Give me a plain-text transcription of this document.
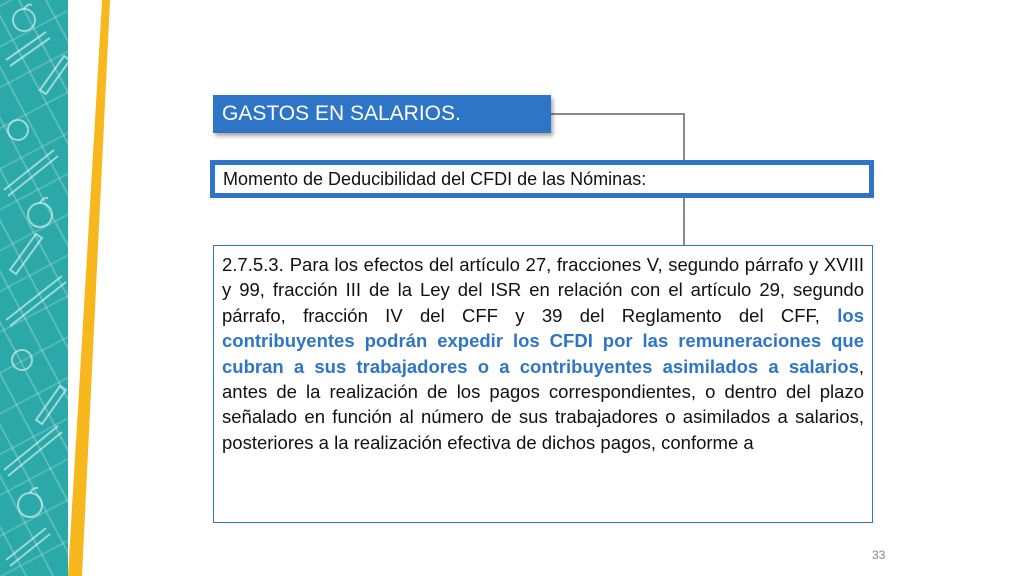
GASTOS EN SALARIOS.
Momento de Deducibilidad del CFDI de las Nóminas:
2.7.5.3. Para los efectos del artículo 27, fracciones V, segundo párrafo y XVIII y 99, fracción III de la Ley del ISR en relación con el artículo 29, segundo párrafo, fracción IV del CFF y 39 del Reglamento del CFF, los contribuyentes podrán expedir los CFDI por las remuneraciones que cubran a sus trabajadores o a contribuyentes asimilados a salarios, antes de la realización de los pagos correspondientes, o dentro del plazo señalado en función al número de sus trabajadores o asimilados a salarios, posteriores a la realización efectiva de dichos pagos, conforme a
33
